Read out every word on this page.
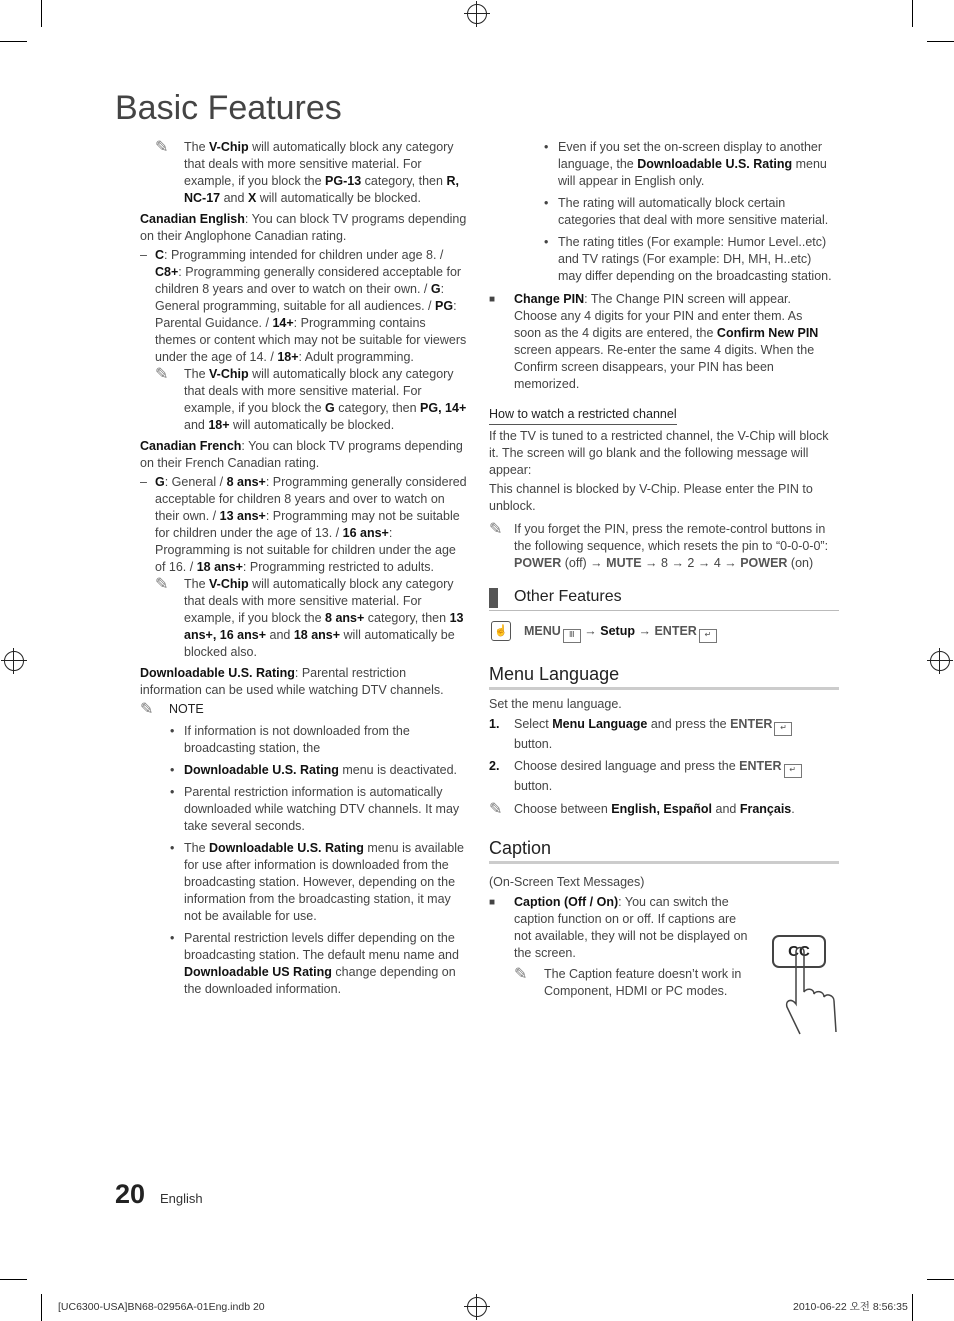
Basic Features
✎ The V-Chip will automatically block any category that deals with more sensitive material. For example, if you block the PG-13 category, then R, NC-17 and X will automatically be blocked.

Canadian English: You can block TV programs depending on their Anglophone Canadian rating.

– C: Programming intended for children under age 8. / C8+: Programming generally considered acceptable for children 8 years and over to watch on their own. / G: General programming, suitable for all audiences. / PG: Parental Guidance. / 14+: Programming contains themes or content which may not be suitable for viewers under the age of 14. / 18+: Adult programming.
✎ The V-Chip will automatically block any category that deals with more sensitive material. For example, if you block the G category, then PG, 14+ and 18+ will automatically be blocked.

Canadian French: You can block TV programs depending on their French Canadian rating.

– G: General / 8 ans+: Programming generally considered acceptable for children 8 years and over to watch on their own. / 13 ans+: Programming may not be suitable for children under the age of 13. / 16 ans+: Programming is not suitable for children under the age of 16. / 18 ans+: Programming restricted to adults.
✎ The V-Chip will automatically block any category that deals with more sensitive material. For example, if you block the 8 ans+ category, then 13 ans+, 16 ans+ and 18 ans+ will automatically be blocked also.

Downloadable U.S. Rating: Parental restriction information can be used while watching DTV channels.

✎ NOTE
• If information is not downloaded from the broadcasting station, the
• Downloadable U.S. Rating menu is deactivated.
• Parental restriction information is automatically downloaded while watching DTV channels. It may take several seconds.
• The Downloadable U.S. Rating menu is available for use after information is downloaded from the broadcasting station. However, depending on the information from the broadcasting station, it may not be available for use.
• Parental restriction levels differ depending on the broadcasting station. The default menu name and Downloadable US Rating change depending on the downloaded information.
• Even if you set the on-screen display to another language, the Downloadable U.S. Rating menu will appear in English only.
• The rating will automatically block certain categories that deal with more sensitive material.
• The rating titles (For example: Humor Level..etc) and TV ratings (For example: DH, MH, H..etc) may differ depending on the broadcasting station.
■ Change PIN: The Change PIN screen will appear. Choose any 4 digits for your PIN and enter them. As soon as the 4 digits are entered, the Confirm New PIN screen appears. Re-enter the same 4 digits. When the Confirm screen disappears, your PIN has been memorized.
How to watch a restricted channel

If the TV is tuned to a restricted channel, the V-Chip will block it. The screen will go blank and the following message will appear:

This channel is blocked by V-Chip. Please enter the PIN to unblock.

✎ If you forget the PIN, press the remote-control buttons in the following sequence, which resets the pin to “0-0-0-0”: POWER (off) → MUTE → 8 → 2 → 4 → POWER (on)
Other Features
☝ MENU Ⅲ → Setup → ENTER ↵
Menu Language

Set the menu language.

1. Select Menu Language and press the ENTER ↵
button.
2. Choose desired language and press the ENTER ↵
button.
✎ Choose between English, Español and Français.
Caption

(On-Screen Text Messages)

■ Caption (Off / On): You can switch the caption function on or off. If captions are not available, they will not be displayed on the screen.
✎ The Caption feature doesn’t work in Component, HDMI or PC modes.
CC
20 English
[UC6300-USA]BN68-02956A-01Eng.indb 20	2010-06-22 오전 8:56:35
